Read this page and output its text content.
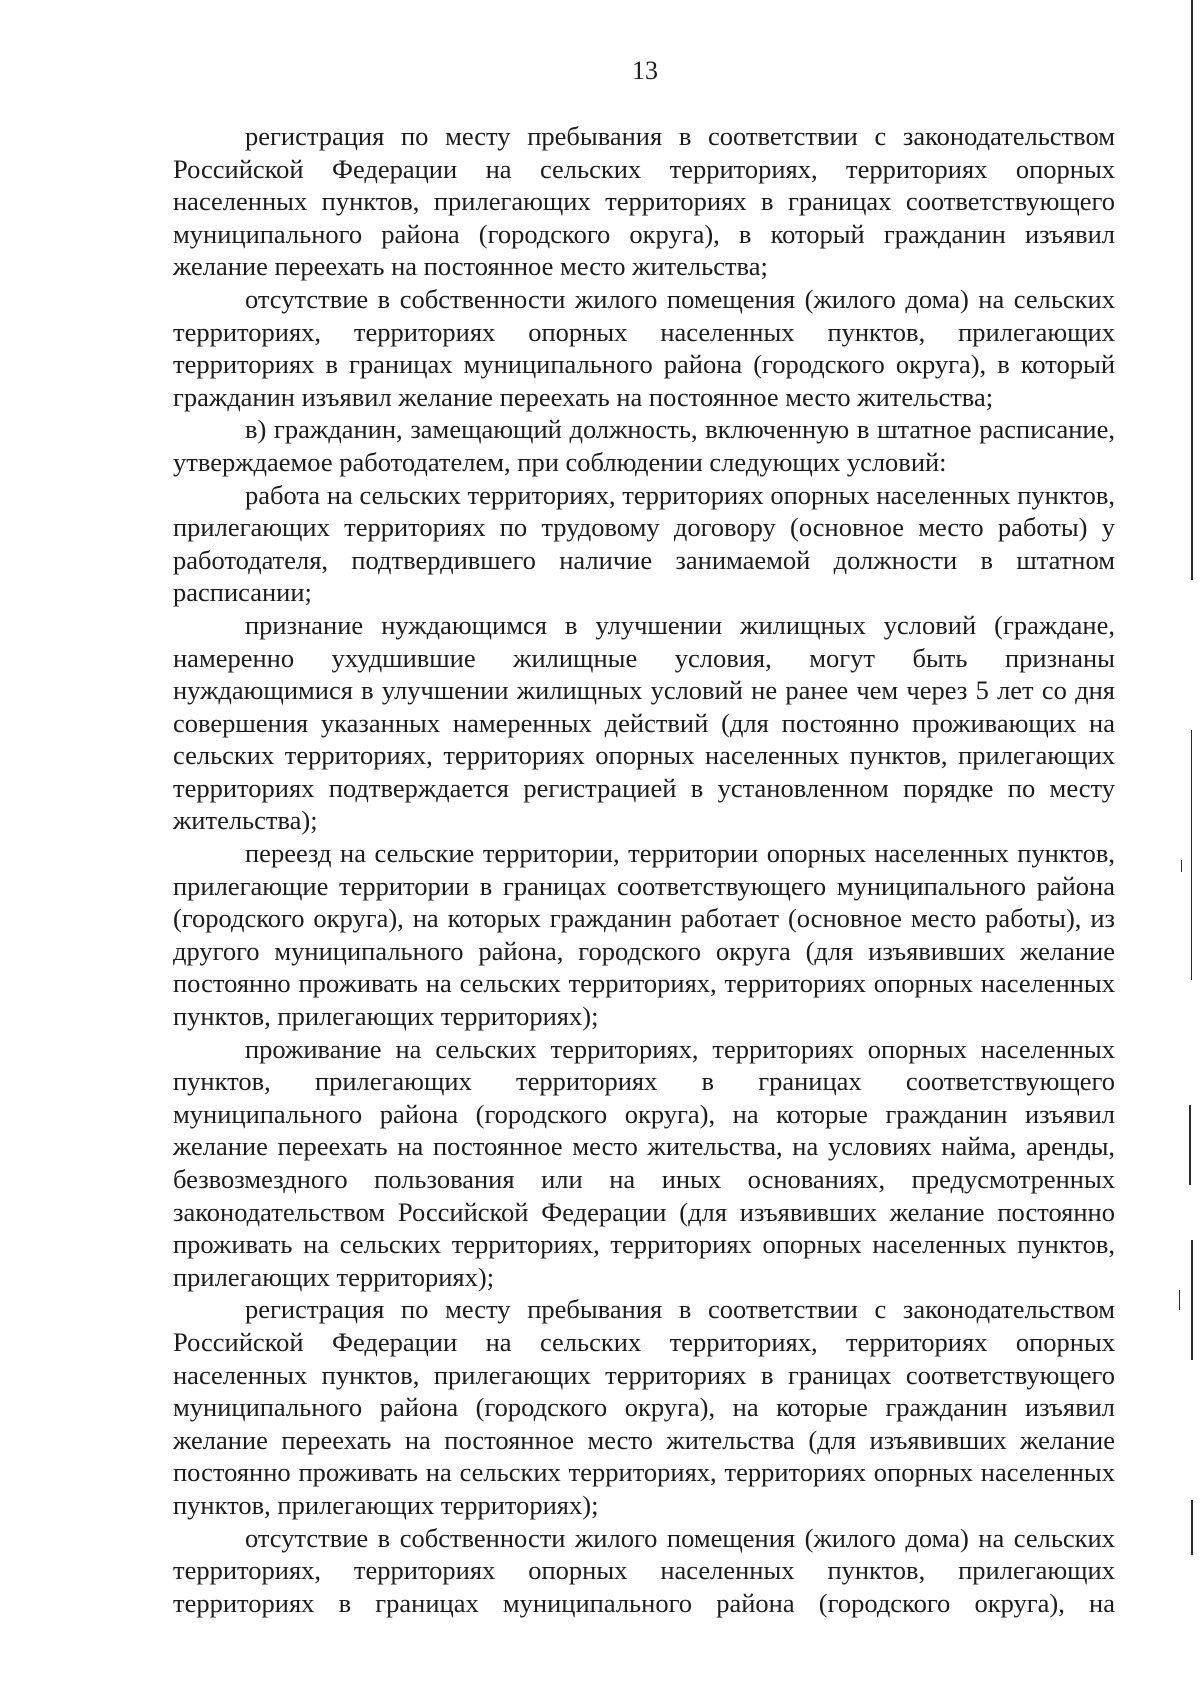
13

регистрация по месту пребывания в соответствии с законодательством Российской Федерации на сельских территориях, территориях опорных населенных пунктов, прилегающих территориях в границах соответствующего муниципального района (городского округа), в который гражданин изъявил желание переехать на постоянное место жительства;

отсутствие в собственности жилого помещения (жилого дома) на сельских территориях, территориях опорных населенных пунктов, прилегающих территориях в границах муниципального района (городского округа), в который гражданин изъявил желание переехать на постоянное место жительства;

в) гражданин, замещающий должность, включенную в штатное расписание, утверждаемое работодателем, при соблюдении следующих условий:

работа на сельских территориях, территориях опорных населенных пунктов, прилегающих территориях по трудовому договору (основное место работы) у работодателя, подтвердившего наличие занимаемой должности в штатном расписании;

признание нуждающимся в улучшении жилищных условий (граждане, намеренно ухудшившие жилищные условия, могут быть признаны нуждающимися в улучшении жилищных условий не ранее чем через 5 лет со дня совершения указанных намеренных действий (для постоянно проживающих на сельских территориях, территориях опорных населенных пунктов, прилегающих территориях подтверждается регистрацией в установленном порядке по месту жительства);

переезд на сельские территории, территории опорных населенных пунктов, прилегающие территории в границах соответствующего муниципального района (городского округа), на которых гражданин работает (основное место работы), из другого муниципального района, городского округа (для изъявивших желание постоянно проживать на сельских территориях, территориях опорных населенных пунктов, прилегающих территориях);

проживание на сельских территориях, территориях опорных населенных пунктов, прилегающих территориях в границах соответствующего муниципального района (городского округа), на которые гражданин изъявил желание переехать на постоянное место жительства, на условиях найма, аренды, безвозмездного пользования или на иных основаниях, предусмотренных законодательством Российской Федерации (для изъявивших желание постоянно проживать на сельских территориях, территориях опорных населенных пунктов, прилегающих территориях);

регистрация по месту пребывания в соответствии с законодательством Российской Федерации на сельских территориях, территориях опорных населенных пунктов, прилегающих территориях в границах соответствующего муниципального района (городского округа), на которые гражданин изъявил желание переехать на постоянное место жительства (для изъявивших желание постоянно проживать на сельских территориях, территориях опорных населенных пунктов, прилегающих территориях);

отсутствие в собственности жилого помещения (жилого дома) на сельских территориях, территориях опорных населенных пунктов, прилегающих территориях в границах муниципального района (городского округа), на
